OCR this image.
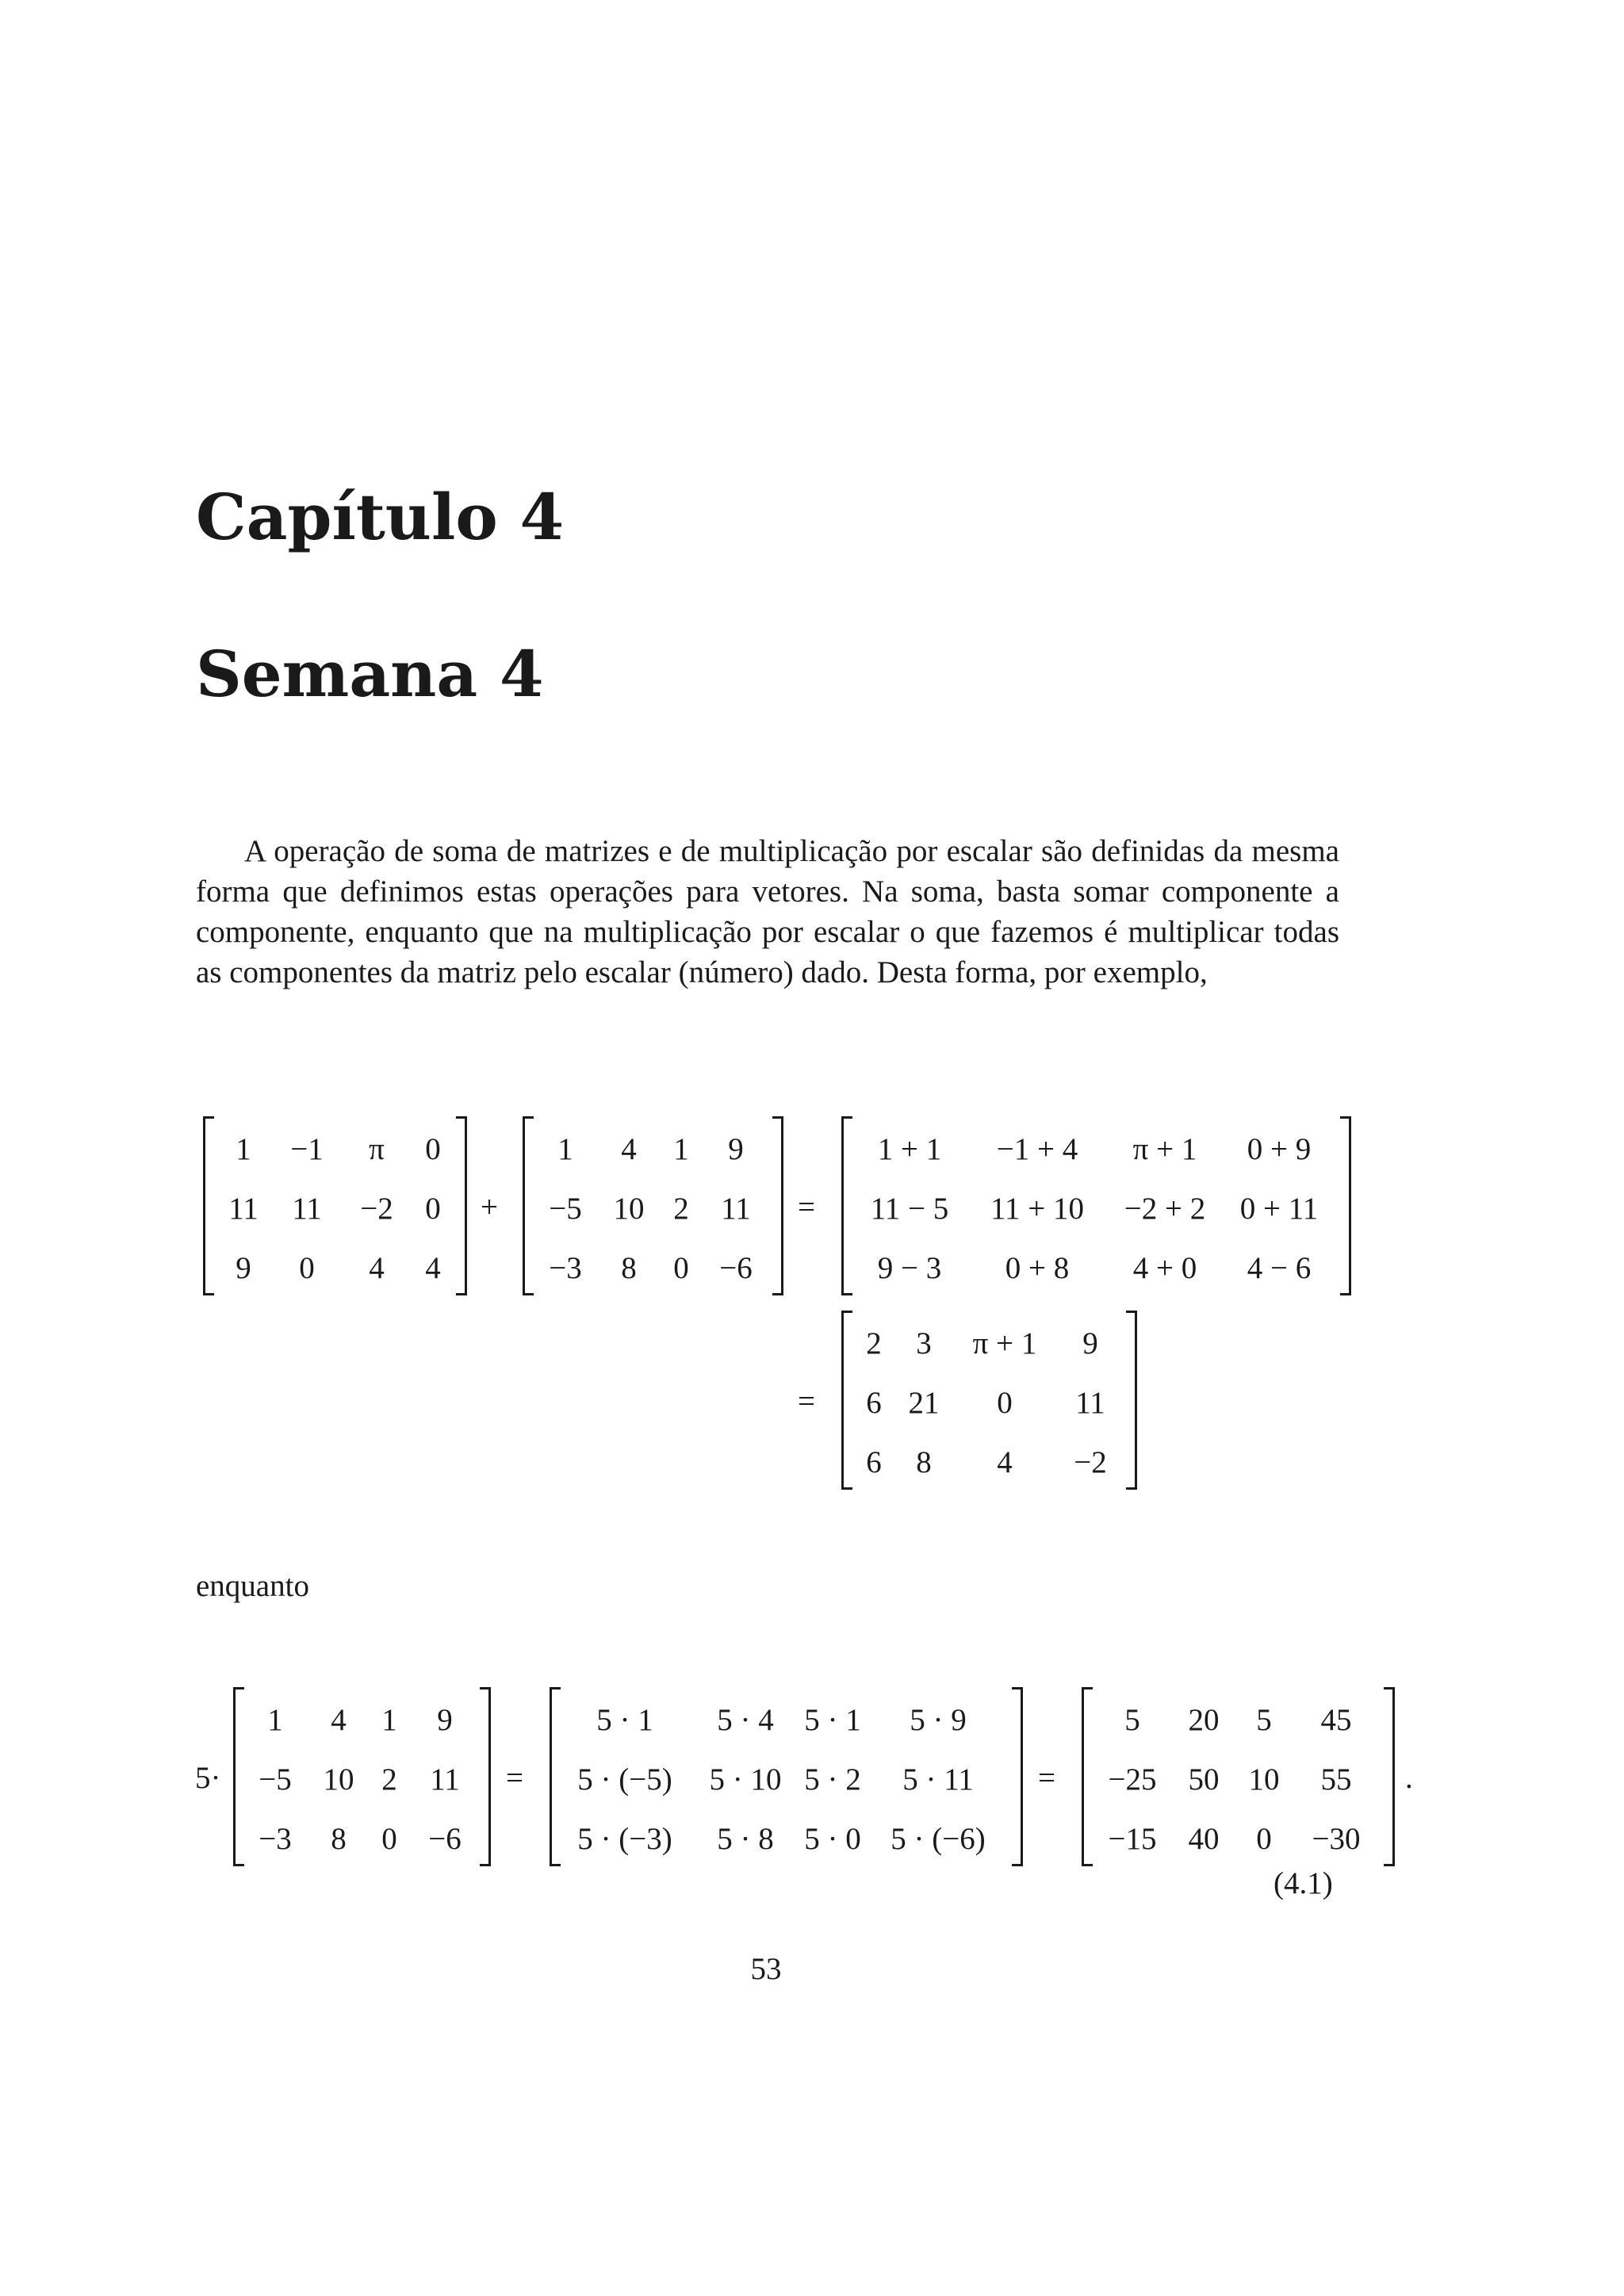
Capítulo 4
Semana 4
A operação de soma de matrizes e de multiplicação por escalar são definidas da mesma forma que definimos estas operações para vetores. Na soma, basta somar componente a componente, enquanto que na multiplicação por escalar o que fazemos é multiplicar todas as componentes da matriz pelo escalar (número) dado. Desta forma, por exemplo,
1 −1 π 0
11 11 −2 0
9 0 4 4
+
1 4 1 9
−5 10 2 11
−3 8 0 −6
=
1 + 1 −1 + 4 π + 1 0 + 9
11 − 5 11 + 10 −2 + 2 0 + 11
9 − 3 0 + 8 4 + 0 4 − 6
=
2 3 π + 1 9
6 21 0 11
6 8 4 −2
5·
1 4 1 9
−5 10 2 11
−3 8 0 −6
=
5 · 1 5 · 4 5 · 1 5 · 9
5 · (−5) 5 · 10 5 · 2 5 · 11
5 · (−3) 5 · 8 5 · 0 5 · (−6)
=
5 20 5 45
−25 50 10 55
−15 40 0 −30
.
(4.1)
enquanto
53
